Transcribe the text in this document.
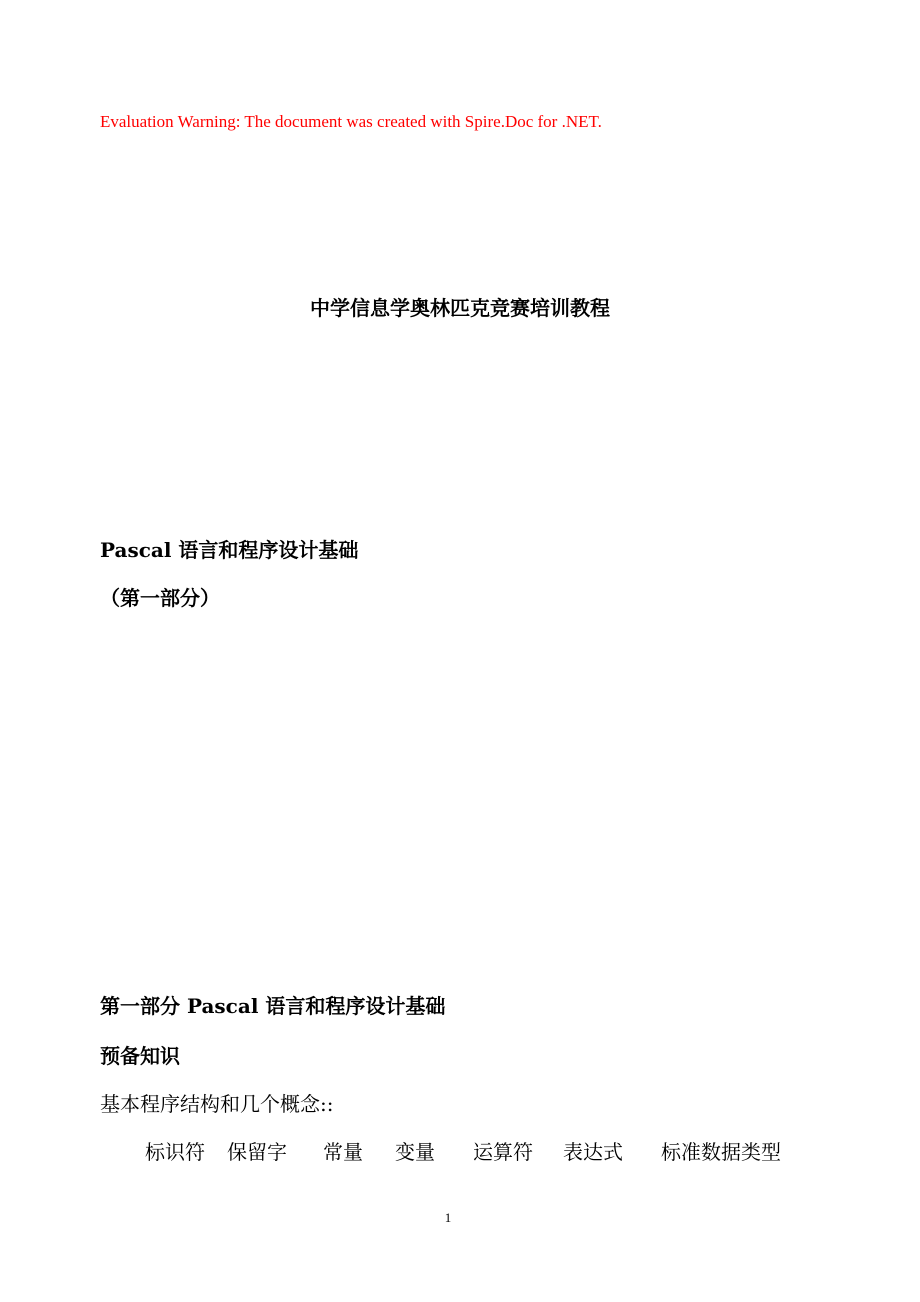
Evaluation Warning: The document was created with Spire.Doc for .NET.
中学信息学奥林匹克竞赛培训教程
Pascal 语言和程序设计基础
（第一部分）
第一部分 Pascal 语言和程序设计基础
预备知识
基本程序结构和几个概念::
标识符 保留字 常量 变量 运算符 表达式 标准数据类型
1
